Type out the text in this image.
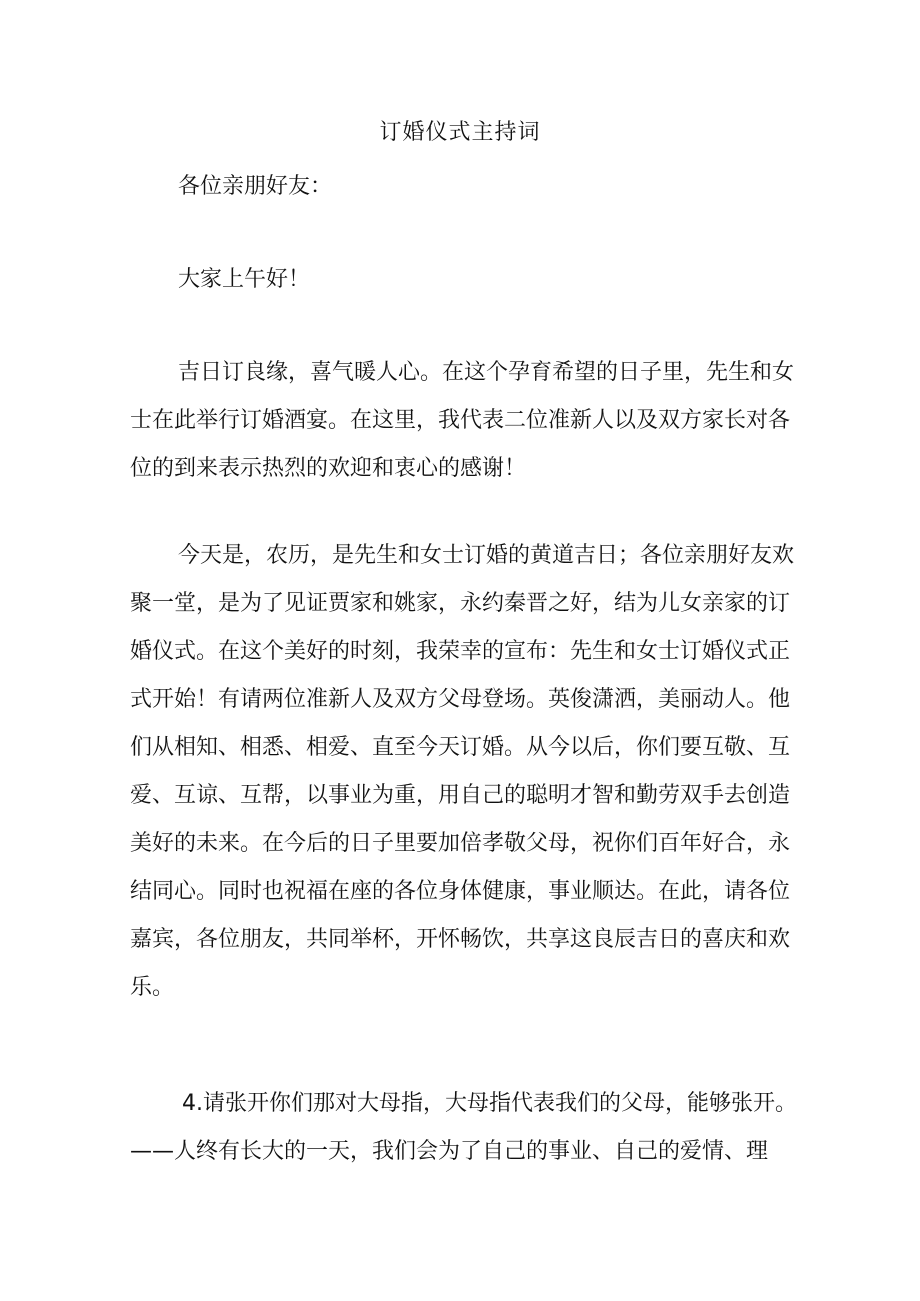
订婚仪式主持词

各位亲朋好友：

大家上午好！

吉日订良缘，喜气暖人心。在这个孕育希望的日子里，先生和女士在此举行订婚酒宴。在这里，我代表二位准新人以及双方家长对各位的到来表示热烈的欢迎和衷心的感谢！

今天是，农历，是先生和女士订婚的黄道吉日；各位亲朋好友欢聚一堂，是为了见证贾家和姚家，永约秦晋之好，结为儿女亲家的订婚仪式。在这个美好的时刻，我荣幸的宣布：先生和女士订婚仪式正式开始！有请两位准新人及双方父母登场。英俊潇洒，美丽动人。他们从相知、相悉、相爱、直至今天订婚。从今以后，你们要互敬、互爱、互谅、互帮，以事业为重，用自己的聪明才智和勤劳双手去创造美好的未来。在今后的日子里要加倍孝敬父母，祝你们百年好合，永结同心。同时也祝福在座的各位身体健康，事业顺达。在此，请各位嘉宾，各位朋友，共同举杯，开怀畅饮，共享这良辰吉日的喜庆和欢乐。

4.请张开你们那对大母指，大母指代表我们的父母，能够张开。——人终有长大的一天，我们会为了自己的事业、自己的爱情、理
